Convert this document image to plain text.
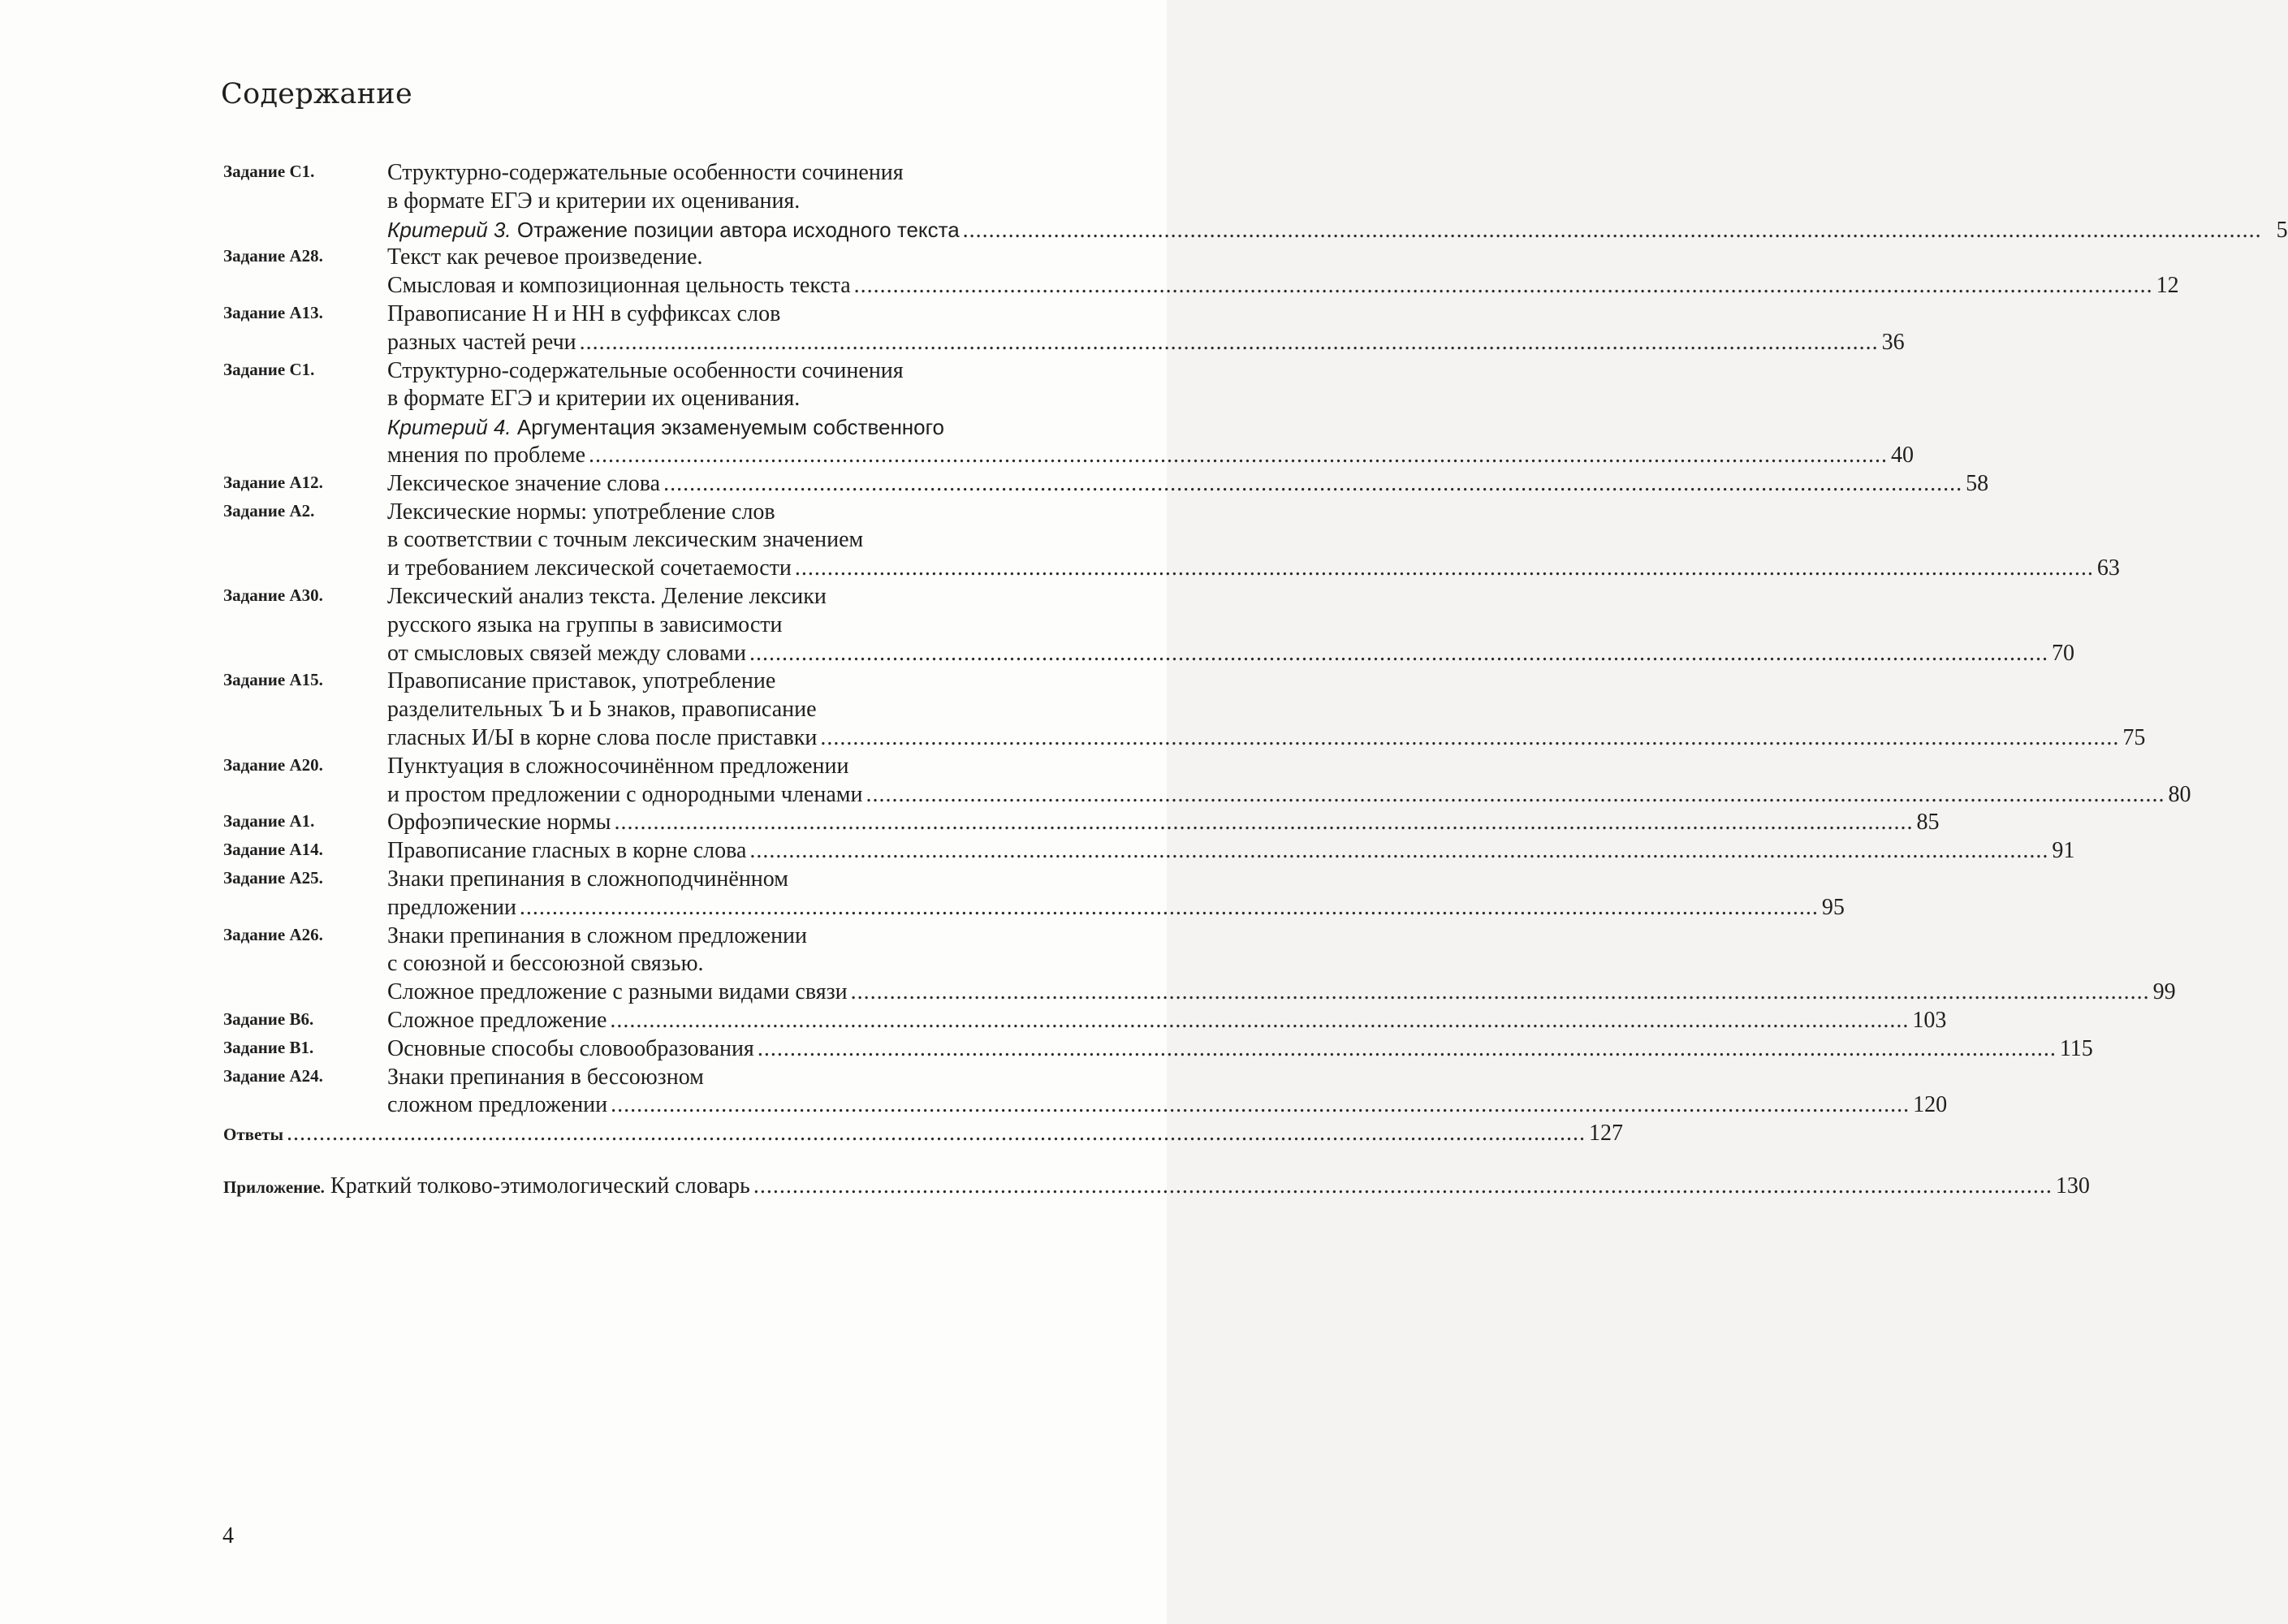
Содержание
Задание С1.	Структурно-содержательные особенности сочинения
в формате ЕГЭ и критерии их оценивания.
Критерий 3. Отражение позиции автора исходного текста ........................................................................................................................................................................................................ 5
Задание А28.	Текст как речевое произведение.
Смысловая и композиционная цельность текста ........................................................................................................................................................................................................ 12
Задание А13.	Правописание Н и НН в суффиксах слов
разных частей речи ........................................................................................................................................................................................................ 36
Задание С1.	Структурно-содержательные особенности сочинения
в формате ЕГЭ и критерии их оценивания.
Критерий 4. Аргументация экзаменуемым собственного
мнения по проблеме ........................................................................................................................................................................................................ 40
Задание А12.	Лексическое значение слова ........................................................................................................................................................................................................ 58
Задание А2.	Лексические нормы: употребление слов
в соответствии с точным лексическим значением
и требованием лексической сочетаемости ........................................................................................................................................................................................................ 63
Задание А30.	Лексический анализ текста. Деление лексики
русского языка на группы в зависимости
от смысловых связей между словами ........................................................................................................................................................................................................ 70
Задание А15.	Правописание приставок, употребление
разделительных Ъ и Ь знаков, правописание
гласных И/Ы в корне слова после приставки ........................................................................................................................................................................................................ 75
Задание А20.	Пунктуация в сложносочинённом предложении
и простом предложении с однородными членами ........................................................................................................................................................................................................ 80
Задание А1.	Орфоэпические нормы ........................................................................................................................................................................................................ 85
Задание А14.	Правописание гласных в корне слова ........................................................................................................................................................................................................ 91
Задание А25.	Знаки препинания в сложноподчинённом
предложении ........................................................................................................................................................................................................ 95
Задание А26.	Знаки препинания в сложном предложении
с союзной и бессоюзной связью.
Сложное предложение с разными видами связи ........................................................................................................................................................................................................ 99
Задание В6.	Сложное предложение ........................................................................................................................................................................................................ 103
Задание В1.	Основные способы словообразования ........................................................................................................................................................................................................ 115
Задание А24.	Знаки препинания в бессоюзном
сложном предложении ........................................................................................................................................................................................................ 120
Ответы ........................................................................................................................................................................................................ 127
Приложение. Краткий толково-этимологический словарь ........................................................................................................................................................................................................ 130
4
